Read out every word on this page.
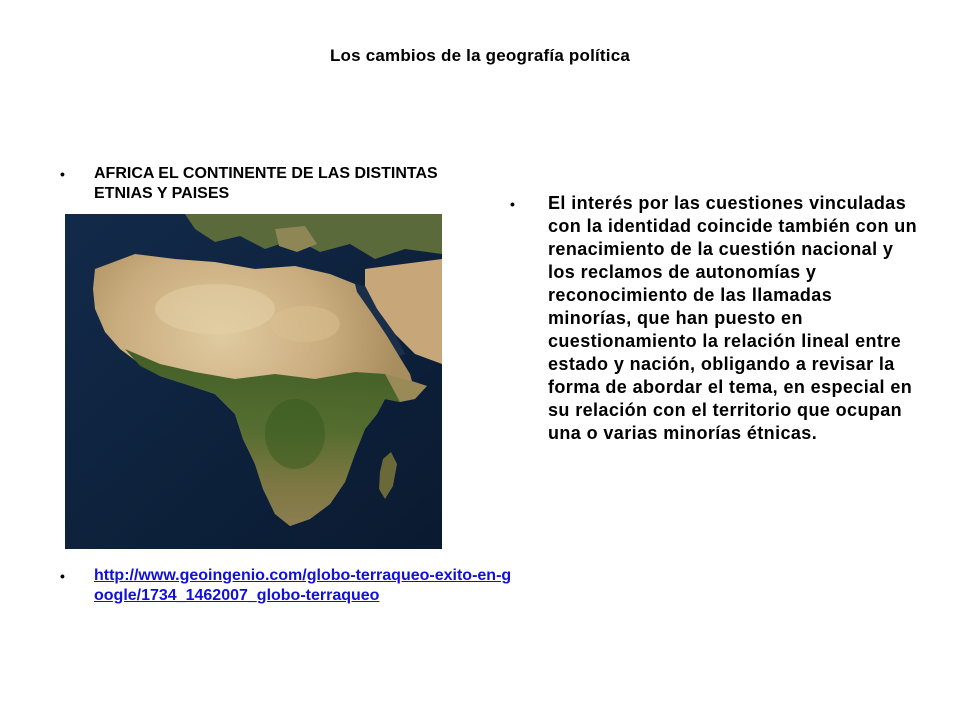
Los cambios de la geografía política
• AFRICA EL CONTINENTE DE LAS DISTINTAS ETNIAS Y PAISES
• http://www.geoingenio.com/globo-terraqueo-exito-en-google/1734_1462007_globo-terraqueo
• El interés por las cuestiones vinculadas con la identidad coincide también con un renacimiento de la cuestión nacional y los reclamos de autonomías y reconocimiento de las llamadas minorías, que han puesto en cuestionamiento la relación lineal entre estado y nación, obligando a revisar la forma de abordar el tema, en especial en su relación con el territorio que ocupan una o varias minorías étnicas.
